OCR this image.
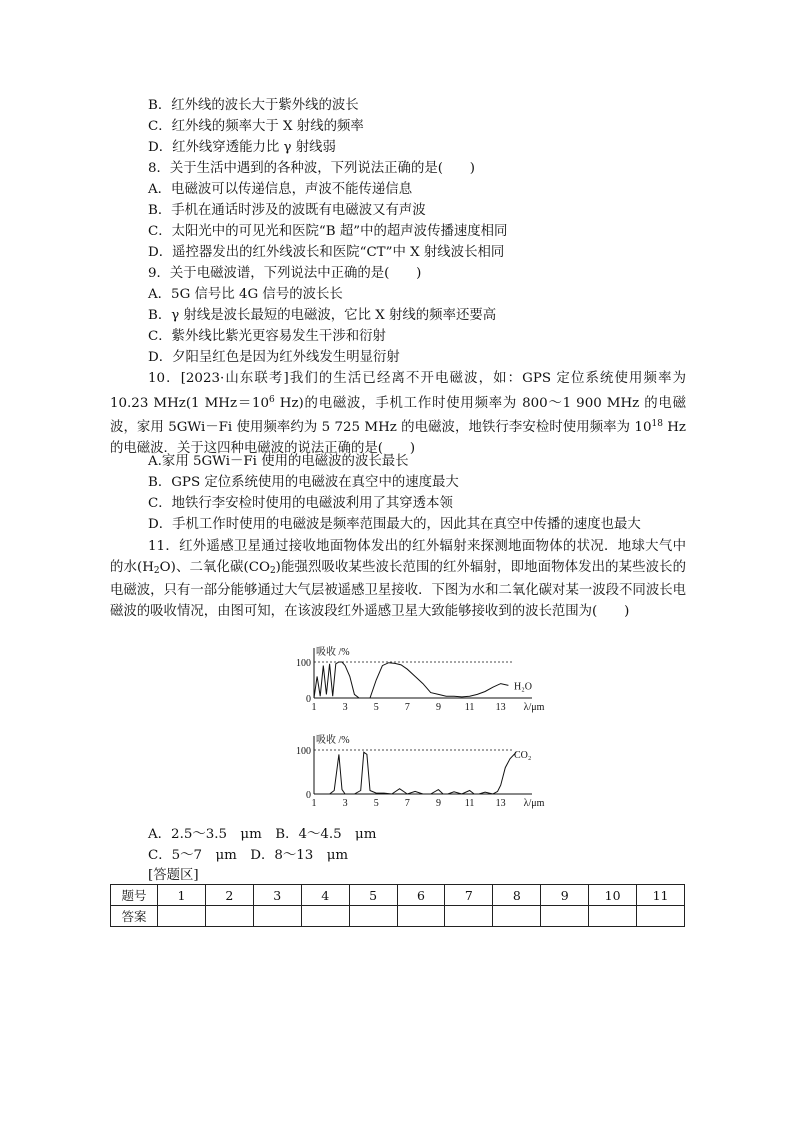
B．红外线的波长大于紫外线的波长
C．红外线的频率大于 X 射线的频率
D．红外线穿透能力比 γ 射线弱
8．关于生活中遇到的各种波，下列说法正确的是(　　)
A．电磁波可以传递信息，声波不能传递信息
B．手机在通话时涉及的波既有电磁波又有声波
C．太阳光中的可见光和医院“B 超”中的超声波传播速度相同
D．遥控器发出的红外线波长和医院“CT”中 X 射线波长相同
9．关于电磁波谱，下列说法中正确的是(　　)
A．5G 信号比 4G 信号的波长长
B．γ 射线是波长最短的电磁波，它比 X 射线的频率还要高
C．紫外线比紫光更容易发生干涉和衍射
D．夕阳呈红色是因为红外线发生明显衍射
10．[2023·山东联考]我们的生活已经离不开电磁波，如：GPS 定位系统使用频率为 10.23 MHz(1 $MHz=10^6$ Hz)的电磁波，手机工作时使用频率为 800～1 900 MHz 的电磁波，家用 5GWi－Fi 使用频率约为 5 725 MHz 的电磁波，地铁行李安检时使用频率为 $10^{18}$ Hz 的电磁波．关于这四种电磁波的说法正确的是(　　)
A.家用 5GWi－Fi 使用的电磁波的波长最长
B．GPS 定位系统使用的电磁波在真空中的速度最大
C．地铁行李安检时使用的电磁波利用了其穿透本领
D．手机工作时使用的电磁波是频率范围最大的，因此其在真空中传播的速度也最大
11．红外遥感卫星通过接收地面物体发出的红外辐射来探测地面物体的状况．地球大气中的水$(H_2O)$、二氧化碳$(CO_2)$能强烈吸收某些波长范围的红外辐射，即地面物体发出的某些波长的电磁波，只有一部分能够通过大气层被遥感卫星接收．下图为水和二氧化碳对某一波段不同波长电磁波的吸收情况，由图可知，在该波段红外遥感卫星大致能够接收到的波长范围为(　　)
0
100
吸收 /%
1	3	5	7	9 11 13 λ/μm
H₂O
0
100
吸收 /%
1	3	5	7	9 11 13 λ/μm
CO₂
A．2.5～3.5　μm　B．4～4.5　μm
C．5～7　μm　D．8～13　μm
[答题区]
题号	1	2	3	4	5	6	7	8	9	10	11
答案											
